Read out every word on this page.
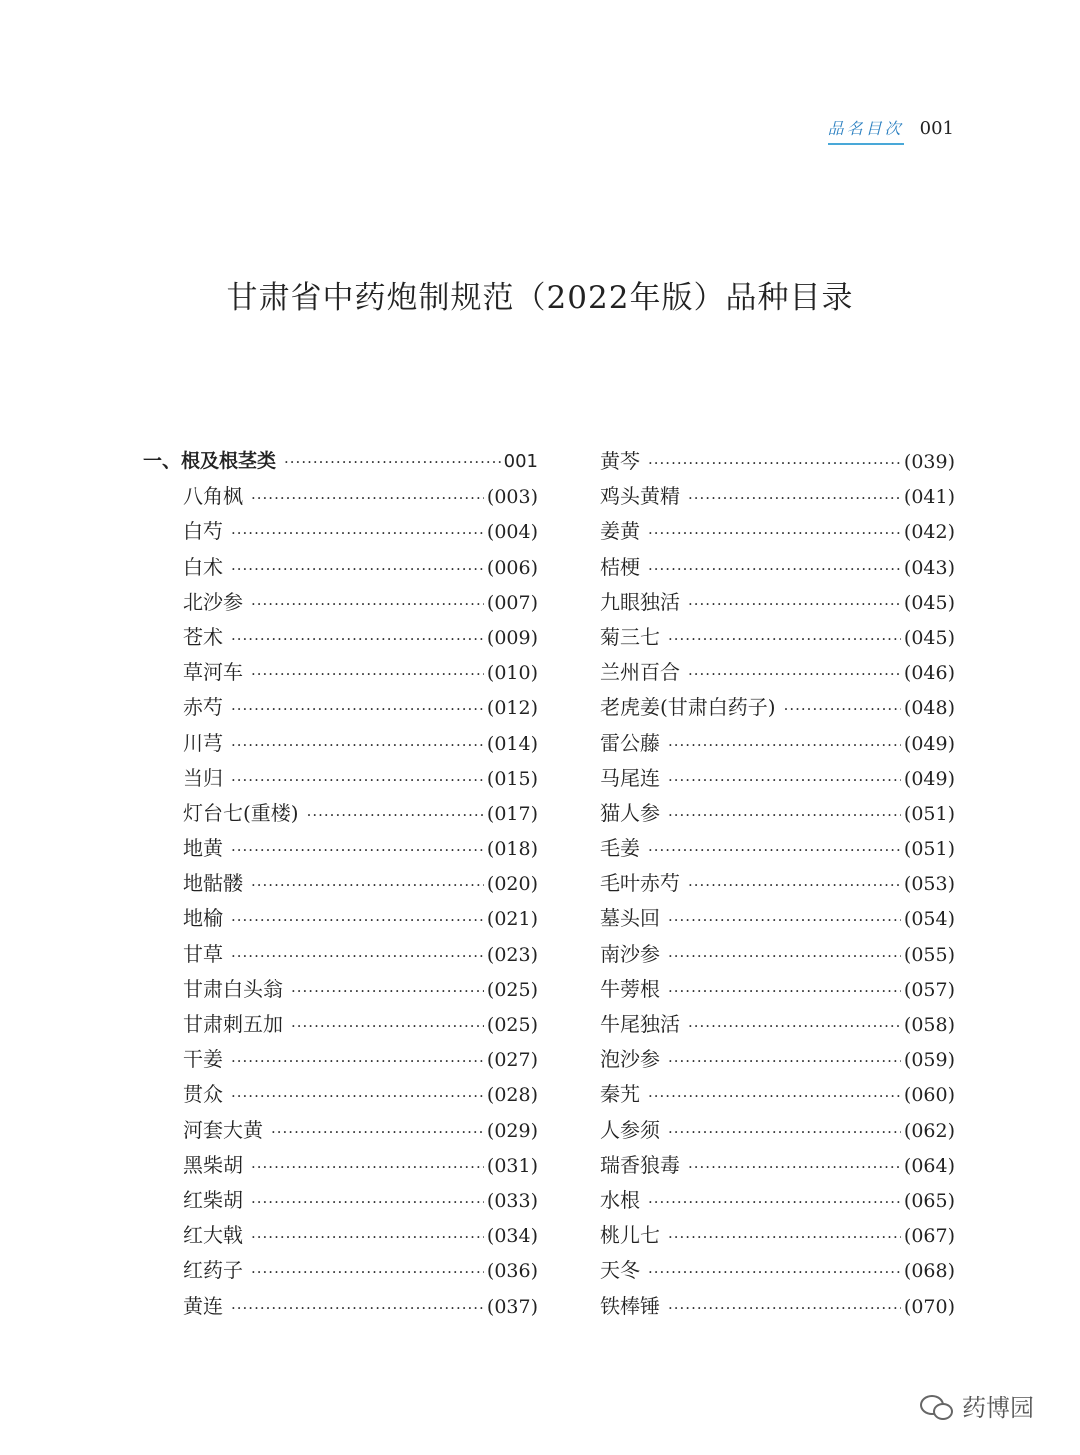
品名目次 001
甘肃省中药炮制规范（2022年版）品种目录
一、根及根茎类 ·····	001
八角枫 ·····	(003)
白芍 ·····	(004)
白术 ·····	(006)
北沙参 ·····	(007)
苍术 ·····	(009)
草河车 ·····	(010)
赤芍 ·····	(012)
川芎 ·····	(014)
当归 ·····	(015)
灯台七(重楼) ·····	(017)
地黄 ·····	(018)
地骷髅 ·····	(020)
地榆 ·····	(021)
甘草 ·····	(023)
甘肃白头翁 ·····	(025)
甘肃刺五加 ·····	(025)
干姜 ·····	(027)
贯众 ·····	(028)
河套大黄 ·····	(029)
黑柴胡 ·····	(031)
红柴胡 ·····	(033)
红大戟 ·····	(034)
红药子 ·····	(036)
黄连 ·····	(037)
黄芩 ·····	(039)
鸡头黄精 ·····	(041)
姜黄 ·····	(042)
桔梗 ·····	(043)
九眼独活 ·····	(045)
菊三七 ·····	(045)
兰州百合 ·····	(046)
老虎姜(甘肃白药子) ·····	(048)
雷公藤 ·····	(049)
马尾连 ·····	(049)
猫人参 ·····	(051)
毛姜 ·····	(051)
毛叶赤芍 ·····	(053)
墓头回 ·····	(054)
南沙参 ·····	(055)
牛蒡根 ·····	(057)
牛尾独活 ·····	(058)
泡沙参 ·····	(059)
秦艽 ·····	(060)
人参须 ·····	(062)
瑞香狼毒 ·····	(064)
水根 ·····	(065)
桃儿七 ·····	(067)
天冬 ·····	(068)
铁棒锤 ·····	(070)
药博园
